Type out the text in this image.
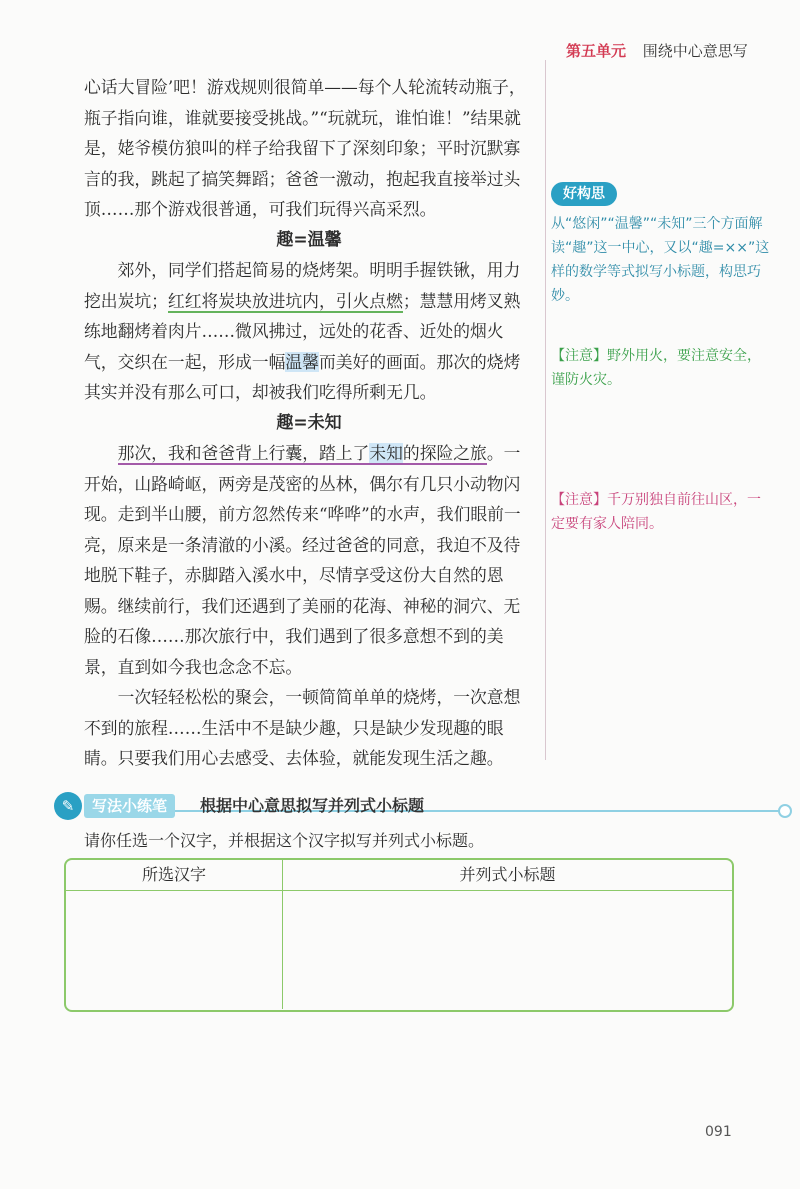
第五单元 围绕中心意思写

心话大冒险’吧！游戏规则很简单——每个人轮流转动瓶子，瓶子指向谁，谁就要接受挑战。”“玩就玩，谁怕谁！”结果就是，姥爷模仿狼叫的样子给我留下了深刻印象；平时沉默寡言的我，跳起了搞笑舞蹈；爸爸一激动，抱起我直接举过头顶……那个游戏很普通，可我们玩得兴高采烈。

趣=温馨

郊外，同学们搭起简易的烧烤架。明明手握铁锹，用力挖出炭坑；红红将炭块放进坑内，引火点燃；慧慧用烤叉熟练地翻烤着肉片……微风拂过，远处的花香、近处的烟火气，交织在一起，形成一幅温馨而美好的画面。那次的烧烤其实并没有那么可口，却被我们吃得所剩无几。

趣=未知

那次，我和爸爸背上行囊，踏上了未知的探险之旅。一开始，山路崎岖，两旁是茂密的丛林，偶尔有几只小动物闪现。走到半山腰，前方忽然传来“哗哗”的水声，我们眼前一亮，原来是一条清澈的小溪。经过爸爸的同意，我迫不及待地脱下鞋子，赤脚踏入溪水中，尽情享受这份大自然的恩赐。继续前行，我们还遇到了美丽的花海、神秘的洞穴、无脸的石像……那次旅行中，我们遇到了很多意想不到的美景，直到如今我也念念不忘。

一次轻轻松松的聚会，一顿简简单单的烧烤，一次意想不到的旅程……生活中不是缺少趣，只是缺少发现趣的眼睛。只要我们用心去感受、去体验，就能发现生活之趣。

好构思
从“悠闲”“温馨”“未知”三个方面解读“趣”这一中心，又以“趣=××”这样的数学等式拟写小标题，构思巧妙。
【注意】野外用火，要注意安全，谨防火灾。
【注意】千万别独自前往山区，一定要有家人陪同。
✎	写法小练笔	根据中心意思拟写并列式小标题
请你任选一个汉字，并根据这个汉字拟写并列式小标题。
所选汉字	并列式小标题
091
